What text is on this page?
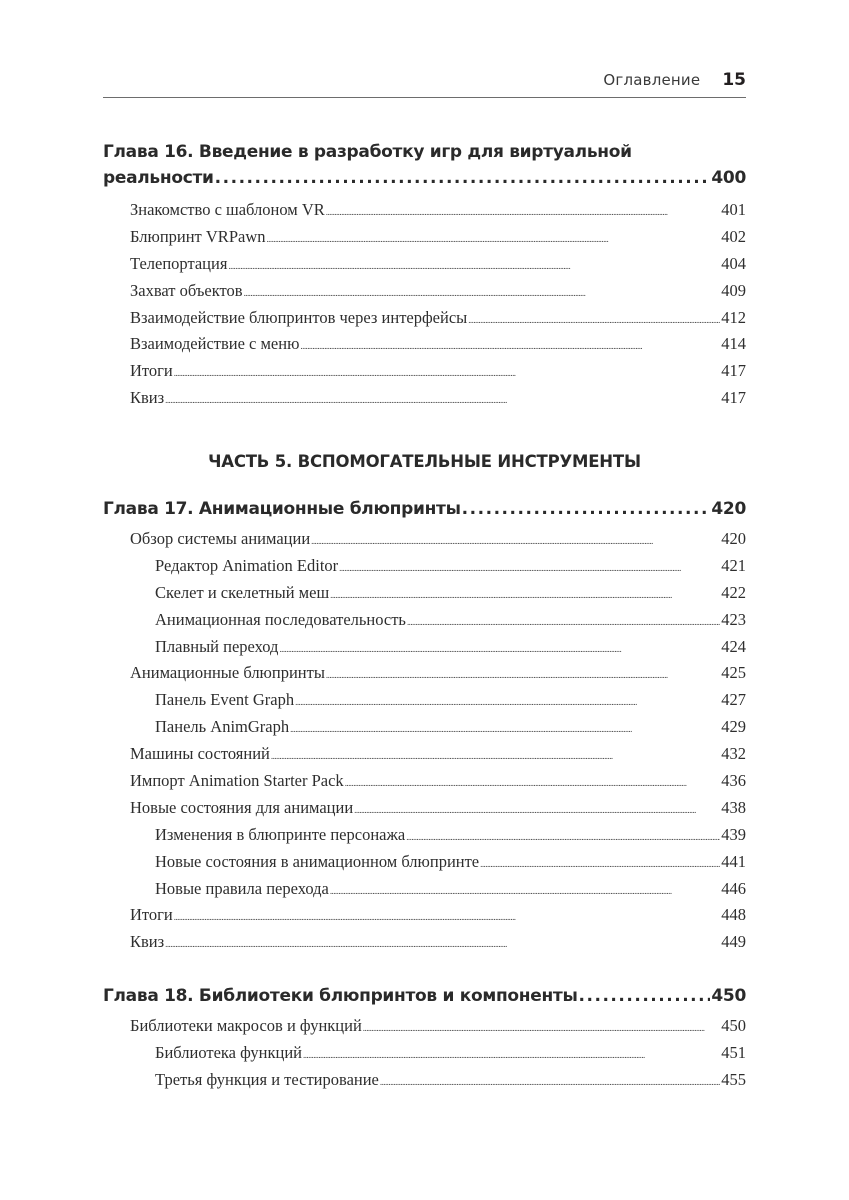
Оглавление 15
Глава 16. Введение в разработку игр для виртуальной
реальности . . .	400
Знакомство с шаблоном VR . . .	401
Блюпринт VRPawn . . .	402
Телепортация . . .	404
Захват объектов . . .	409
Взаимодействие блюпринтов через интерфейсы . . .	412
Взаимодействие с меню . . .	414
Итоги . . .	417
Квиз . . .	417
ЧАСТЬ 5. ВСПОМОГАТЕЛЬНЫЕ ИНСТРУМЕНТЫ
Глава 17. Анимационные блюпринты . . .	420
Обзор системы анимации . . .	420
Редактор Animation Editor . . .	421
Скелет и скелетный меш . . .	422
Анимационная последовательность . . .	423
Плавный переход . . .	424
Анимационные блюпринты . . .	425
Панель Event Graph . . .	427
Панель AnimGraph . . .	429
Машины состояний . . .	432
Импорт Animation Starter Pack . . .	436
Новые состояния для анимации . . .	438
Изменения в блюпринте персонажа . . .	439
Новые состояния в анимационном блюпринте . . .	441
Новые правила перехода . . .	446
Итоги . . .	448
Квиз . . .	449
Глава 18. Библиотеки блюпринтов и компоненты . . .	450
Библиотеки макросов и функций . . .	450
Библиотека функций . . .	451
Третья функция и тестирование . . .	455
